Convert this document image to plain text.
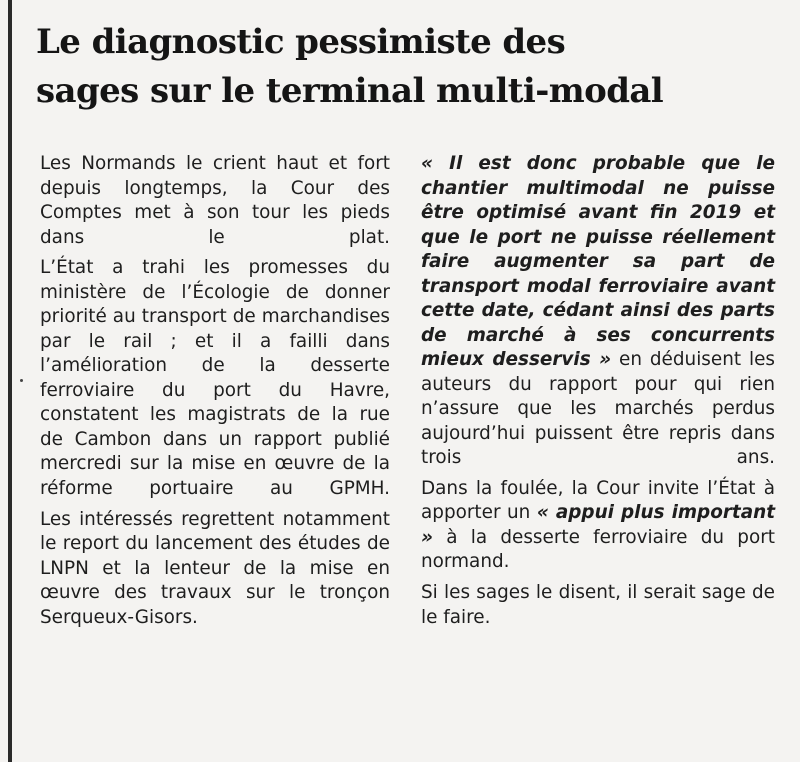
Le diagnostic pessimiste des
sages sur le terminal multi-modal

Les Normands le crient haut et fort depuis longtemps, la Cour des Comptes met à son tour les pieds dans le plat.

L’État a trahi les promesses du ministère de l’Écologie de donner priorité au transport de marchandises par le rail ; et il a failli dans l’amélioration de la desserte ferroviaire du port du Havre, constatent les magistrats de la rue de Cambon dans un rapport publié mercredi sur la mise en œuvre de la réforme portuaire au GPMH.

Les intéressés regrettent notamment le report du lancement des études de LNPN et la lenteur de la mise en œuvre des travaux sur le tronçon Serqueux-Gisors.

« Il est donc probable que le chantier multimodal ne puisse être optimisé avant fin 2019 et que le port ne puisse réellement faire augmenter sa part de transport modal ferroviaire avant cette date, cédant ainsi des parts de marché à ses concurrents mieux desservis » en déduisent les auteurs du rapport pour qui rien n’assure que les marchés perdus aujourd’hui puissent être repris dans trois ans.

Dans la foulée, la Cour invite l’État à apporter un « appui plus important » à la desserte ferroviaire du port normand.

Si les sages le disent, il serait sage de le faire.
